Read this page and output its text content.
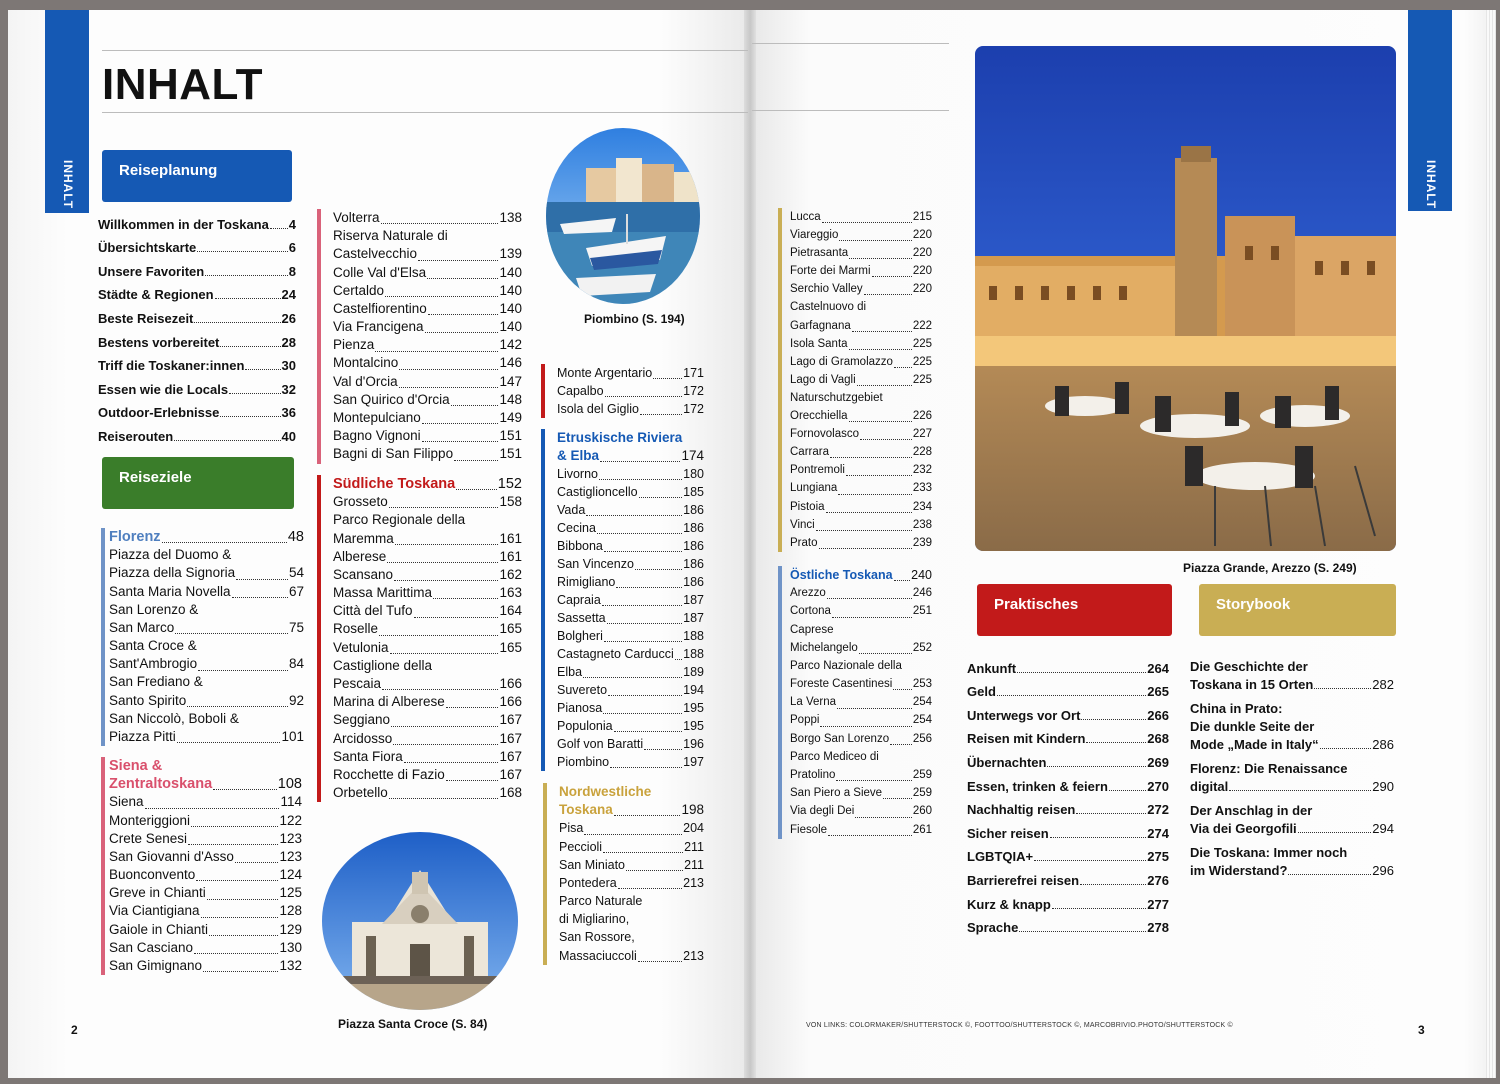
INHALT
INHALT
Reiseplanung
Willkommen in der Toskana 4
Übersichtskarte	6
Unsere Favoriten	8
Städte & Regionen	24
Beste Reisezeit	26
Bestens vorbereitet	28
Triff die Toskaner:innen	30
Essen wie die Locals	32
Outdoor-Erlebnisse	36
Reiserouten	40
Reiseziele
Florenz	48
Piazza del Duomo &
Piazza della Signoria	54
Santa Maria Novella	67
San Lorenzo &
San Marco	75
Santa Croce &
Sant'Ambrogio	84
San Frediano &
Santo Spirito	92
San Niccolò, Boboli &
Piazza Pitti	101
Siena &
Zentraltoskana	108
Siena	114
Monteriggioni	122
Crete Senesi	123
San Giovanni d'Asso	123
Buonconvento	124
Greve in Chianti	125
Via Ciantigiana	128
Gaiole in Chianti	129
San Casciano	130
San Gimignano	132
Volterra	138
Riserva Naturale di
Castelvecchio	139
Colle Val d'Elsa	140
Certaldo	140
Castelfiorentino	140
Via Francigena	140
Pienza	142
Montalcino	146
Val d'Orcia	147
San Quirico d'Orcia	148
Montepulciano	149
Bagno Vignoni	151
Bagni di San Filippo	151
Südliche Toskana	152
Grosseto	158
Parco Regionale della
Maremma	161
Alberese	161
Scansano	162
Massa Marittima	163
Città del Tufo	164
Roselle	165
Vetulonia	165
Castiglione della
Pescaia	166
Marina di Alberese	166
Seggiano	167
Arcidosso	167
Santa Fiora	167
Rocchette di Fazio	167
Orbetello	168
Piazza Santa Croce (S. 84)
2
Piombino (S. 194)
Monte Argentario 171
Capalbo	172
Isola del Giglio	172
Etruskische Riviera
& Elba	174
Livorno	180
Castiglioncello	185
Vada	186
Cecina	186
Bibbona	186
San Vincenzo	186
Rimigliano	186
Capraia	187
Sassetta	187
Bolgheri	188
Castagneto Carducci 188
Elba	189
Suvereto	194
Pianosa	195
Populonia	195
Golf von Baratti	196
Piombino	197
Nordwestliche
Toskana	198
Pisa	204
Peccioli	211
San Miniato	211
Pontedera	213
Parco Naturale
di Migliarino,
San Rossore,
Massaciuccoli	213
Lucca	215
Viareggio	220
Pietrasanta	220
Forte dei Marmi	220
Serchio Valley	220
Castelnuovo di
Garfagnana	222
Isola Santa	225
Lago di Gramolazzo 225
Lago di Vagli	225
Naturschutzgebiet
Orecchiella	226
Fornovolasco	227
Carrara	228
Pontremoli	232
Lungiana	233
Pistoia	234
Vinci	238
Prato	239
Östliche Toskana 240
Arezzo	246
Cortona	251
Caprese
Michelangelo	252
Parco Nazionale della
Foreste Casentinesi 253
La Verna	254
Poppi	254
Borgo San Lorenzo 256
Parco Mediceo di
Pratolino	259
San Piero a Sieve	259
Via degli Dei	260
Fiesole	261
Piazza Grande, Arezzo (S. 249)
Praktisches	Storybook
Ankunft	264
Geld	265
Unterwegs vor Ort	266
Reisen mit Kindern	268
Übernachten	269
Essen, trinken & feiern	270
Nachhaltig reisen	272
Sicher reisen	274
LGBTQIA+	275
Barrierefrei reisen	276
Kurz & knapp	277
Sprache	278
Die Geschichte der
Toskana in 15 Orten	282
China in Prato:
Die dunkle Seite der
Mode „Made in Italy“	286
Florenz: Die Renaissance
digital	290
Der Anschlag in der
Via dei Georgofili	294
Die Toskana: Immer noch
im Widerstand?	296
INHALT
VON LINKS: COLORMAKER/SHUTTERSTOCK ©, FOOTTOO/SHUTTERSTOCK ©, MARCOBRIVIO.PHOTO/SHUTTERSTOCK ©	3
